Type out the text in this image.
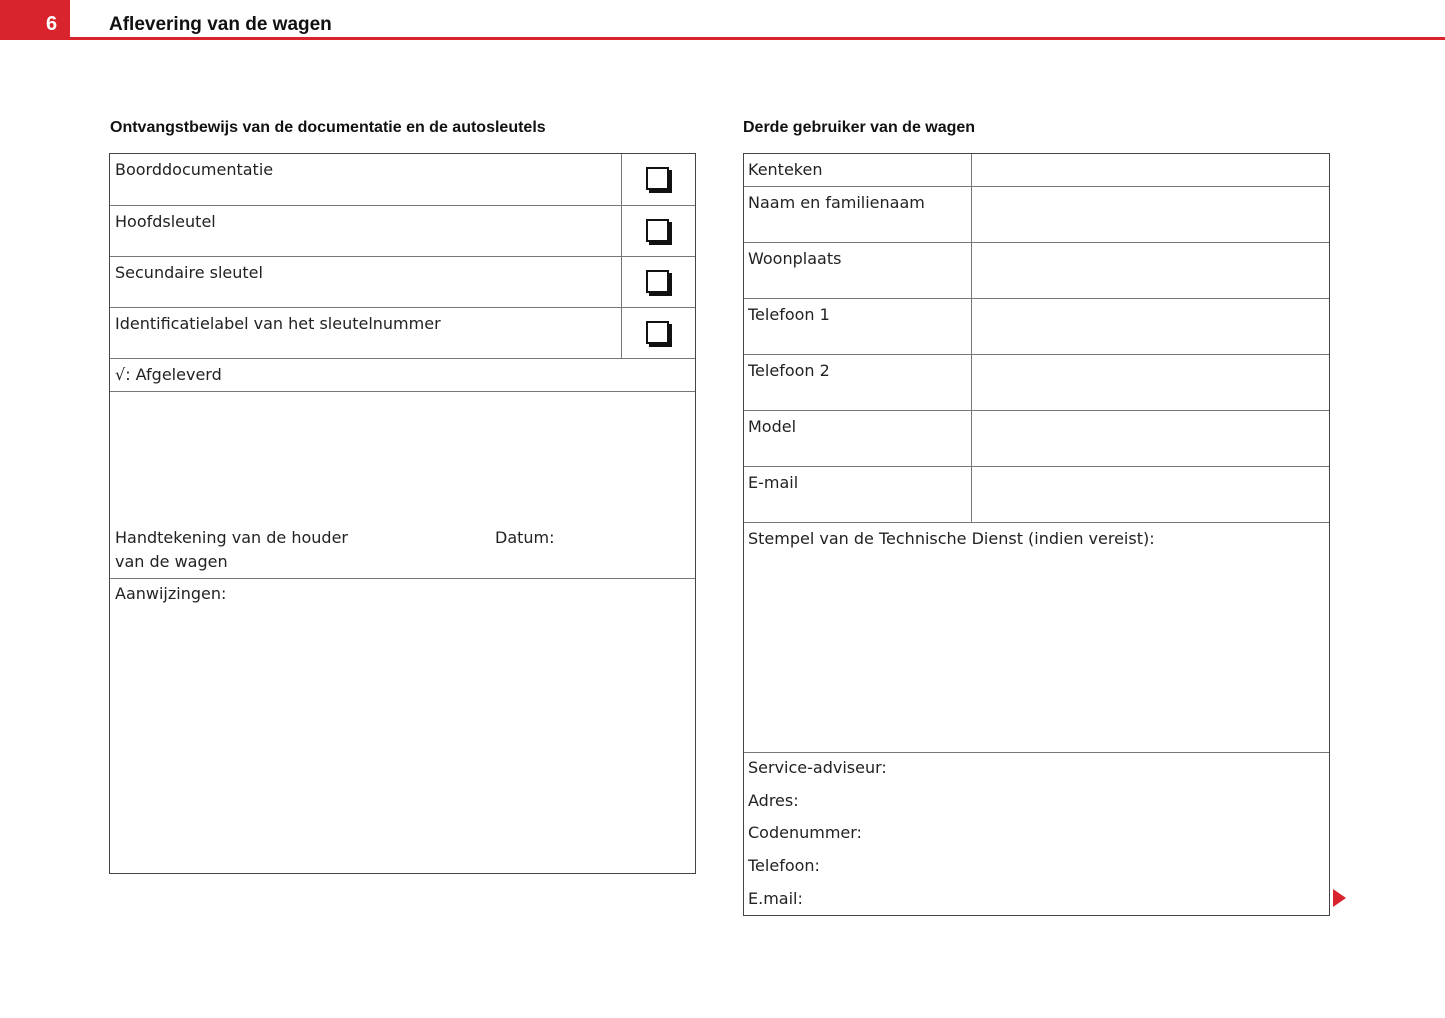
6	Aflevering van de wagen
Ontvangstbewijs van de documentatie en de autosleutels	Derde gebruiker van de wagen
Boorddocumentatie
Hoofdsleutel
Secundaire sleutel
Identificatielabel van het sleutelnummer
√: Afgeleverd
Handtekening van de houder van de wagen
Datum:
Aanwijzingen:
Kenteken
Naam en familienaam
Woonplaats
Telefoon 1
Telefoon 2
Model
E-mail
Stempel van de Technische Dienst (indien vereist):
Service-adviseur:
Adres:
Codenummer:
Telefoon:
E.mail:
